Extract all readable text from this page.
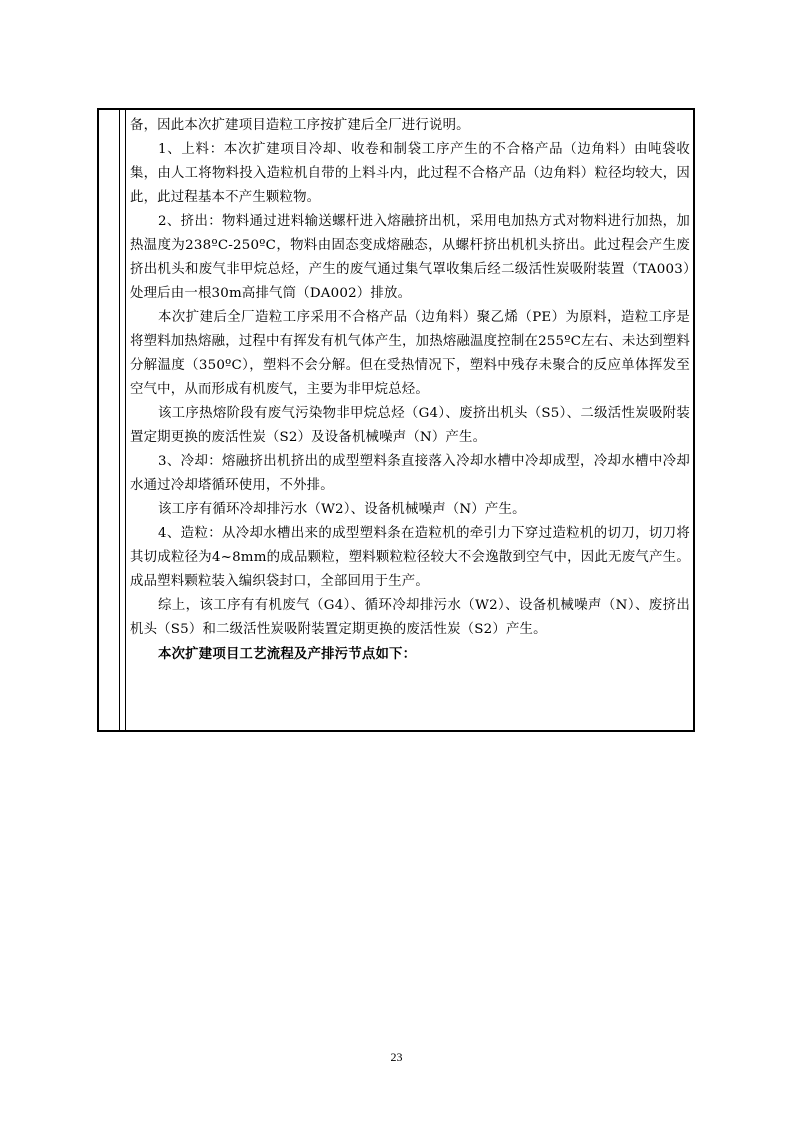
备，因此本次扩建项目造粒工序按扩建后全厂进行说明。

1、上料：本次扩建项目冷却、收卷和制袋工序产生的不合格产品（边角料）由吨袋收集，由人工将物料投入造粒机自带的上料斗内，此过程不合格产品（边角料）粒径均较大，因此，此过程基本不产生颗粒物。

2、挤出：物料通过进料输送螺杆进入熔融挤出机，采用电加热方式对物料进行加热，加热温度为238ºC-250ºC，物料由固态变成熔融态，从螺杆挤出机机头挤出。此过程会产生废挤出机头和废气非甲烷总烃，产生的废气通过集气罩收集后经二级活性炭吸附装置（TA003）处理后由一根30m高排气筒（DA002）排放。

本次扩建后全厂造粒工序采用不合格产品（边角料）聚乙烯（PE）为原料，造粒工序是将塑料加热熔融，过程中有挥发有机气体产生，加热熔融温度控制在255ºC左右、未达到塑料分解温度（350ºC），塑料不会分解。但在受热情况下，塑料中残存未聚合的反应单体挥发至空气中，从而形成有机废气，主要为非甲烷总烃。

该工序热熔阶段有废气污染物非甲烷总烃（G4）、废挤出机头（S5）、二级活性炭吸附装置定期更换的废活性炭（S2）及设备机械噪声（N）产生。

3、冷却：熔融挤出机挤出的成型塑料条直接落入冷却水槽中冷却成型，冷却水槽中冷却水通过冷却塔循环使用，不外排。

该工序有循环冷却排污水（W2）、设备机械噪声（N）产生。

4、造粒：从冷却水槽出来的成型塑料条在造粒机的牵引力下穿过造粒机的切刀，切刀将其切成粒径为4~8mm的成品颗粒，塑料颗粒粒径较大不会逸散到空气中，因此无废气产生。成品塑料颗粒装入编织袋封口，全部回用于生产。

综上，该工序有有机废气（G4）、循环冷却排污水（W2）、设备机械噪声（N）、废挤出机头（S5）和二级活性炭吸附装置定期更换的废活性炭（S2）产生。

本次扩建项目工艺流程及产排污节点如下：

23
